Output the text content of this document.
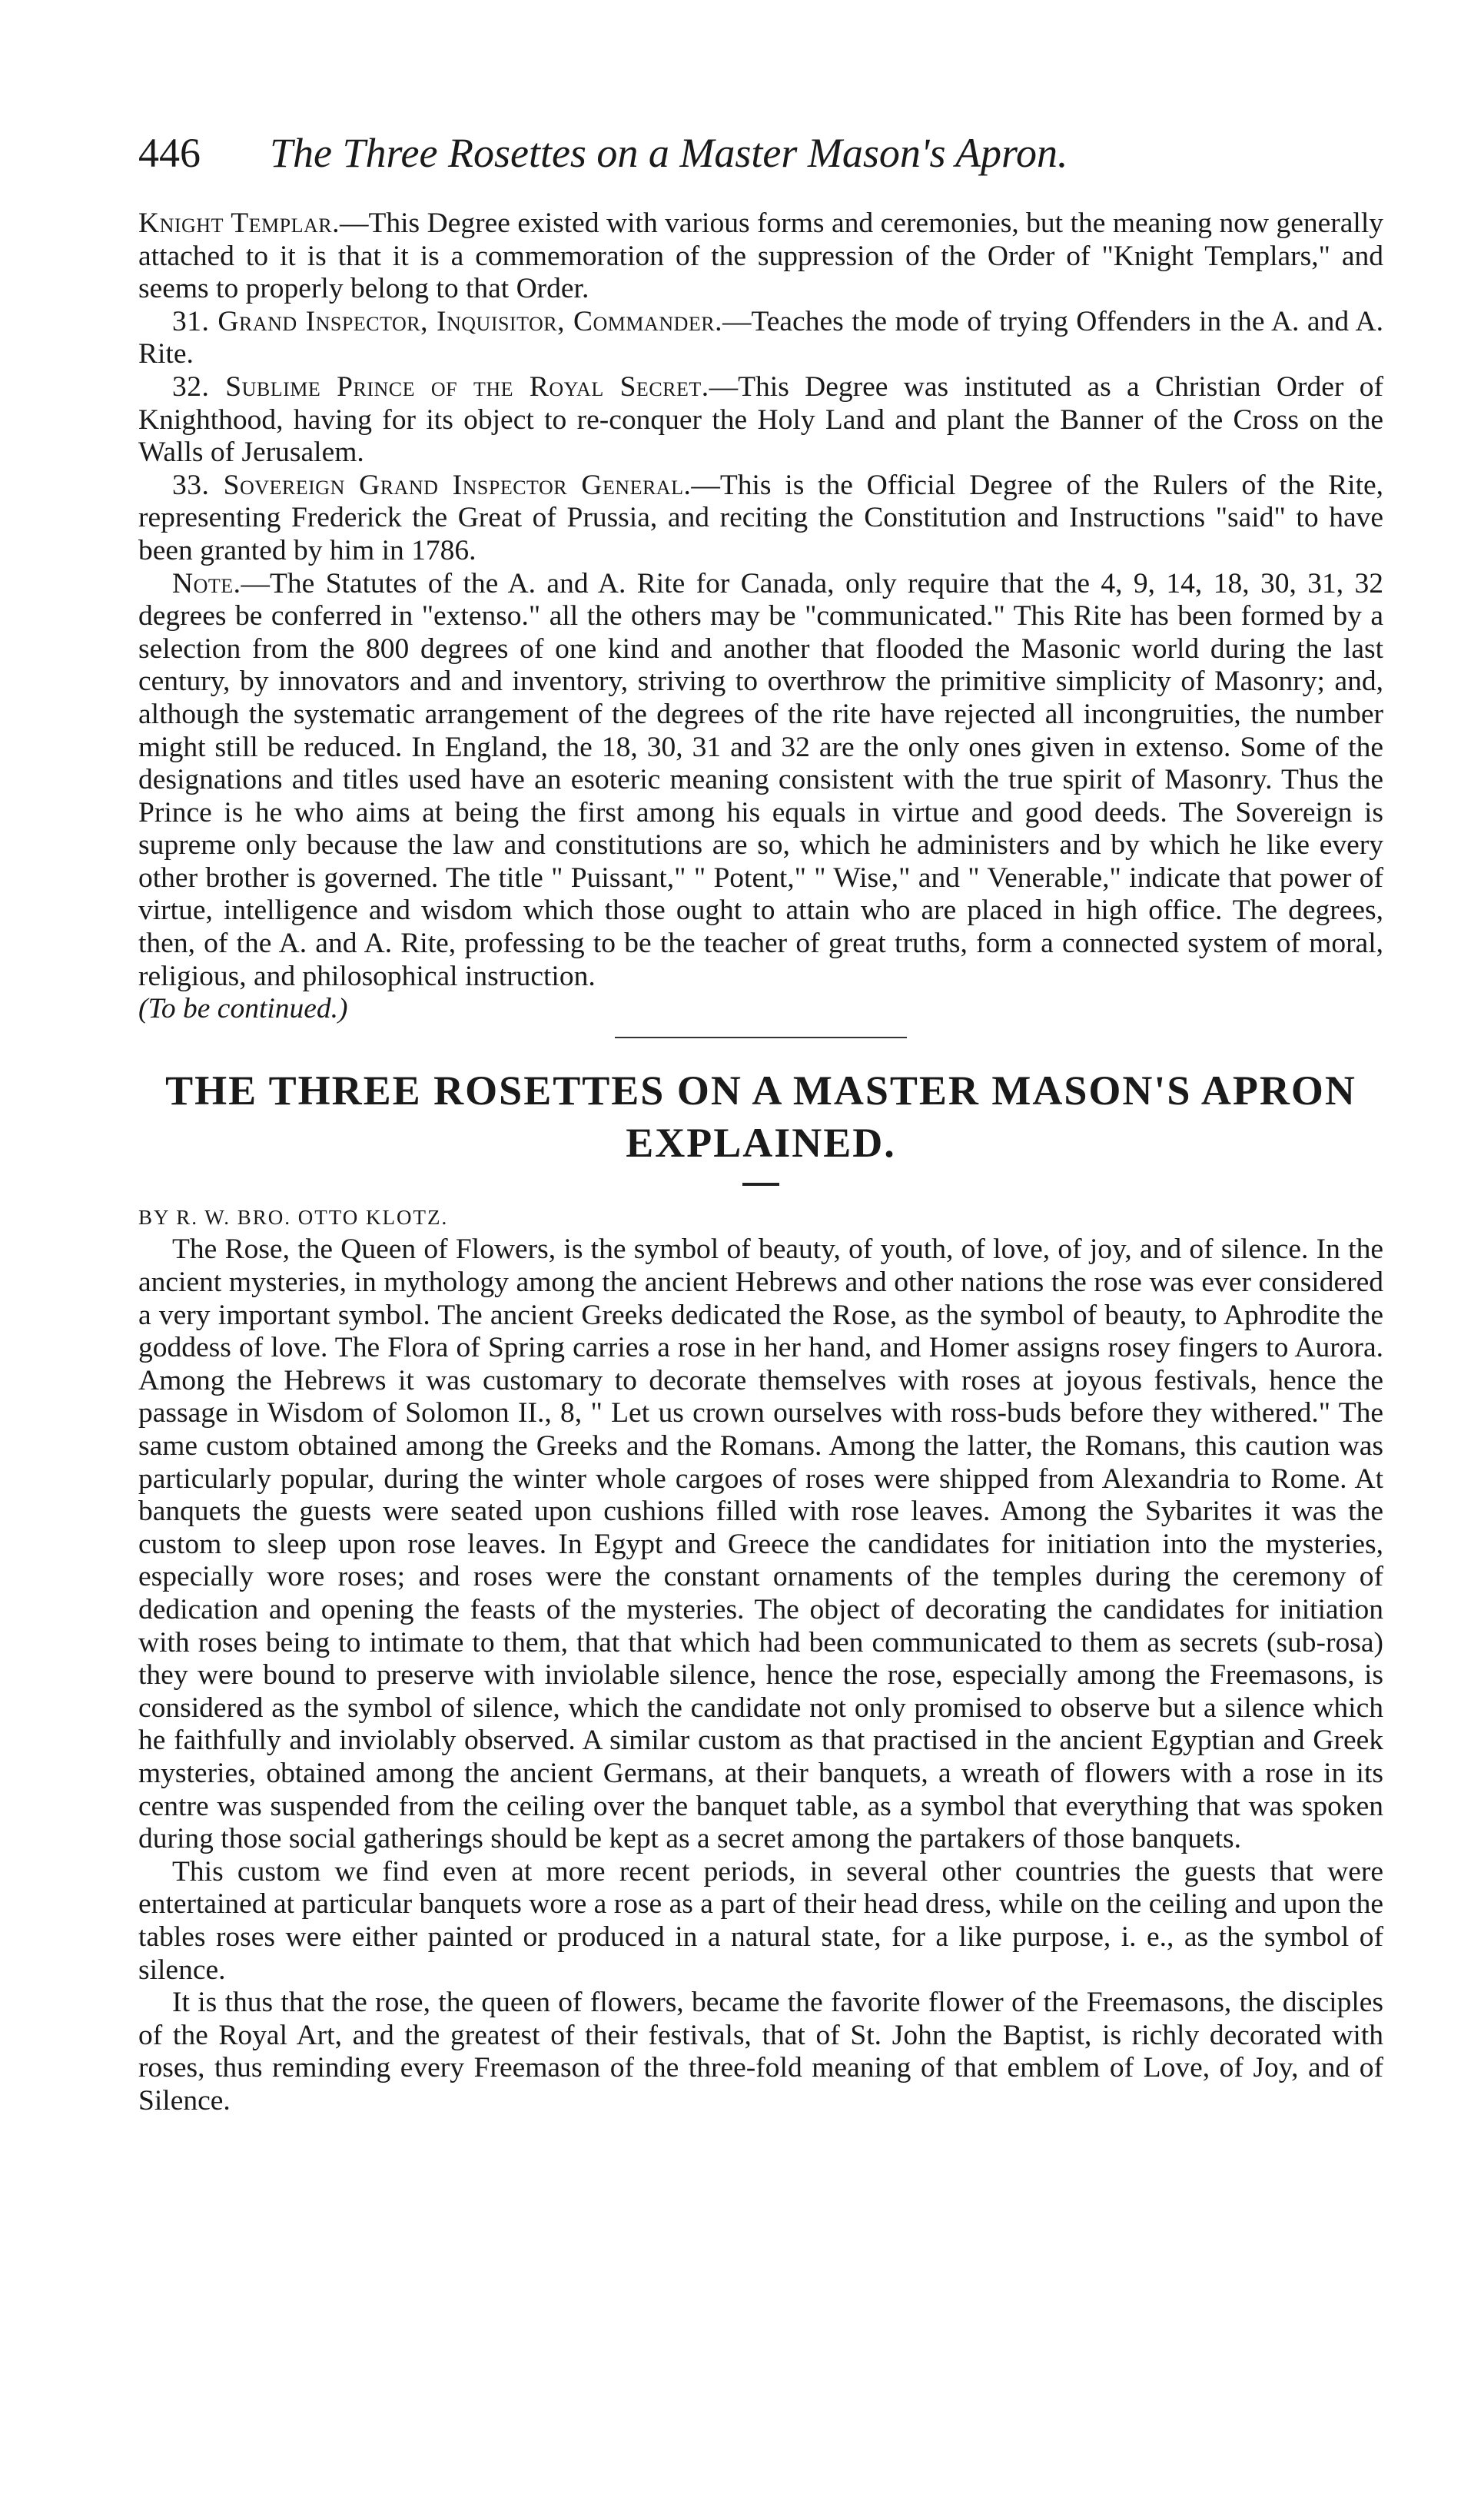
446 The Three Rosettes on a Master Mason's Apron.

Knight Templar.—This Degree existed with various forms and ceremonies, but the meaning now generally attached to it is that it is a commemoration of the suppression of the Order of "Knight Templars," and seems to properly belong to that Order.

31. Grand Inspector, Inquisitor, Commander.—Teaches the mode of trying Offenders in the A. and A. Rite.

32. Sublime Prince of the Royal Secret.—This Degree was instituted as a Christian Order of Knighthood, having for its object to re-conquer the Holy Land and plant the Banner of the Cross on the Walls of Jerusalem.

33. Sovereign Grand Inspector General.—This is the Official Degree of the Rulers of the Rite, representing Frederick the Great of Prussia, and reciting the Constitution and Instructions "said" to have been granted by him in 1786.

Note.—The Statutes of the A. and A. Rite for Canada, only require that the 4, 9, 14, 18, 30, 31, 32 degrees be conferred in "extenso." all the others may be "communicated." This Rite has been formed by a selection from the 800 degrees of one kind and another that flooded the Masonic world during the last century, by innovators and and inventory, striving to overthrow the primitive simplicity of Masonry; and, although the systematic arrangement of the degrees of the rite have rejected all incongruities, the number might still be reduced. In England, the 18, 30, 31 and 32 are the only ones given in extenso. Some of the designations and titles used have an esoteric meaning consistent with the true spirit of Masonry. Thus the Prince is he who aims at being the first among his equals in virtue and good deeds. The Sovereign is supreme only because the law and constitutions are so, which he administers and by which he like every other brother is governed. The title " Puissant," " Potent," " Wise," and " Venerable," indicate that power of virtue, intelligence and wisdom which those ought to attain who are placed in high office. The degrees, then, of the A. and A. Rite, professing to be the teacher of great truths, form a connected system of moral, religious, and philosophical instruction.

(To be continued.)

THE THREE ROSETTES ON A MASTER MASON'S APRON EXPLAINED.

BY R. W. BRO. OTTO KLOTZ.

The Rose, the Queen of Flowers, is the symbol of beauty, of youth, of love, of joy, and of silence. In the ancient mysteries, in mythology among the ancient Hebrews and other nations the rose was ever considered a very important symbol. The ancient Greeks dedicated the Rose, as the symbol of beauty, to Aphrodite the goddess of love. The Flora of Spring carries a rose in her hand, and Homer assigns rosey fingers to Aurora. Among the Hebrews it was customary to decorate themselves with roses at joyous festivals, hence the passage in Wisdom of Solomon II., 8, " Let us crown ourselves with ross-buds before they withered." The same custom obtained among the Greeks and the Romans. Among the latter, the Romans, this caution was particularly popular, during the winter whole cargoes of roses were shipped from Alexandria to Rome. At banquets the guests were seated upon cushions filled with rose leaves. Among the Sybarites it was the custom to sleep upon rose leaves. In Egypt and Greece the candidates for initiation into the mysteries, especially wore roses; and roses were the constant ornaments of the temples during the ceremony of dedication and opening the feasts of the mysteries. The object of decorating the candidates for initiation with roses being to intimate to them, that that which had been communicated to them as secrets (sub-rosa) they were bound to preserve with inviolable silence, hence the rose, especially among the Freemasons, is considered as the symbol of silence, which the candidate not only promised to observe but a silence which he faithfully and inviolably observed. A similar custom as that practised in the ancient Egyptian and Greek mysteries, obtained among the ancient Germans, at their banquets, a wreath of flowers with a rose in its centre was suspended from the ceiling over the banquet table, as a symbol that everything that was spoken during those social gatherings should be kept as a secret among the partakers of those banquets.

This custom we find even at more recent periods, in several other countries the guests that were entertained at particular banquets wore a rose as a part of their head dress, while on the ceiling and upon the tables roses were either painted or produced in a natural state, for a like purpose, i. e., as the symbol of silence.

It is thus that the rose, the queen of flowers, became the favorite flower of the Freemasons, the disciples of the Royal Art, and the greatest of their festivals, that of St. John the Baptist, is richly decorated with roses, thus reminding every Freemason of the three-fold meaning of that emblem of Love, of Joy, and of Silence.
